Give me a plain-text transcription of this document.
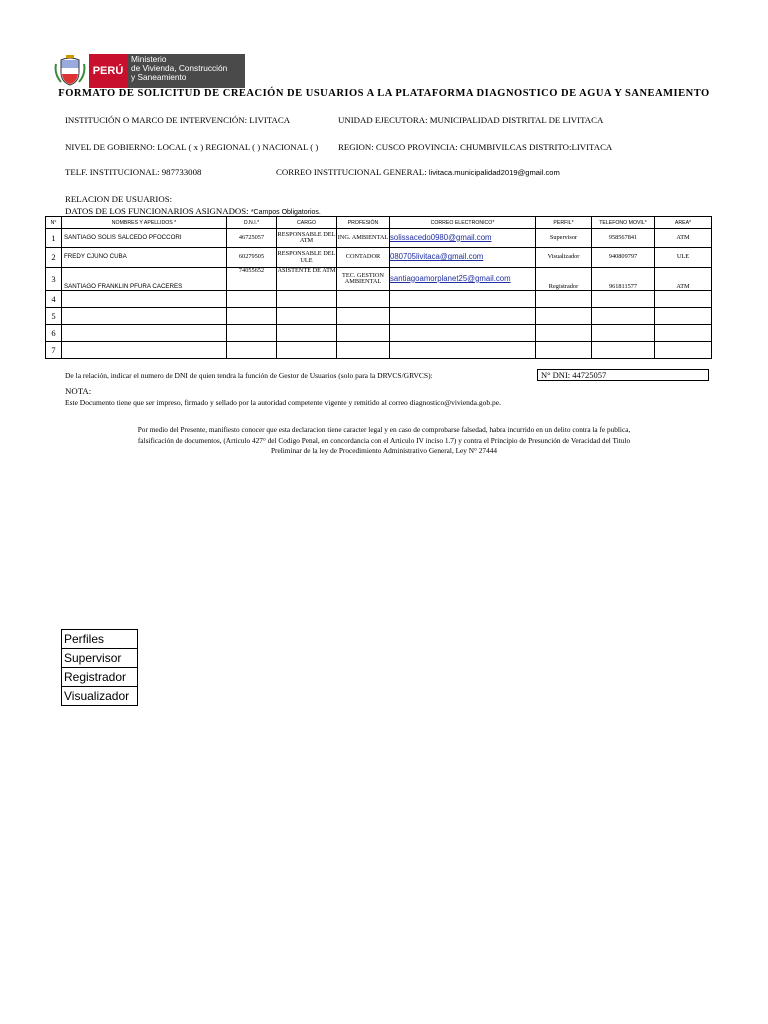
PERÚ
Ministerio
de Vivienda, Construcción
y Saneamiento
FORMATO DE SOLICITUD DE CREACIÓN DE USUARIOS A LA PLATAFORMA DIAGNOSTICO DE AGUA Y SANEAMIENTO
INSTITUCIÓN O MARCO DE INTERVENCIÓN: LIVITACA	UNIDAD EJECUTORA: MUNICIPALIDAD DISTRITAL DE LIVITACA
NIVEL DE GOBIERNO: LOCAL ( x ) REGIONAL ( ) NACIONAL ( ) REGION: CUSCO PROVINCIA: CHUMBIVILCAS DISTRITO:LIVITACA
TELF. INSTITUCIONAL: 987733008	CORREO INSTITUCIONAL GENERAL: livitaca.municipalidad2019@gmail.com
RELACION DE USUARIOS:
DATOS DE LOS FUNCIONARIOS ASIGNADOS: *Campos Obligatorios.
N°	NOMBRES Y APELLIDOS *	D.N.I.*	CARGO	PROFESIÓN	CORREO ELECTRONICO*	PERFIL*	TELEFONO MOVIL*	AREA*
1	SANTIAGO SOLIS SALCEDO PFOCCORI	46725057	RESPONSABLE DEL ATM	ING. AMBIENTAL	solissacedo0980@gmail.com	Supervisor	958567841	ATM
2	FREDY CJUNO CUBA	60279505	RESPONSABLE DEL ULE	CONTADOR	080705livitaca@gmail.com	Visualizador	940809797	ULE
3	SANTIAGO FRANKLIN PFURA CACERES	74055652	ASISTENTE DE ATM	TEC. GESTION AMBIENTAL	santiagoamorplanet25@gmail.com	Registrador	961811577	ATM
4								
5								
6								
7								
De la relación, indicar el numero de DNI de quien tendra la función de Gestor de Usuarios (solo para la DRVCS/GRVCS):	N° DNI: 44725057
NOTA:
Este Documento tiene que ser impreso, firmado y sellado por la autoridad competente vigente y remitido al correo diagnostico@vivienda.gob.pe.
Por medio del Presente, manifiesto conocer que esta declaracion tiene caracter legal y en caso de comprobarse falsedad, habra incurrido en un delito contra la fe publica,
falsificación de documentos, (Articulo 427° del Codigo Penal, en concordancia con el Articulo IV inciso 1.7) y contra el Principio de Presunción de Veracidad del Titulo
Preliminar de la ley de Procedimiento Administrativo General, Ley N° 27444
Perfiles
Supervisor
Registrador
Visualizador
